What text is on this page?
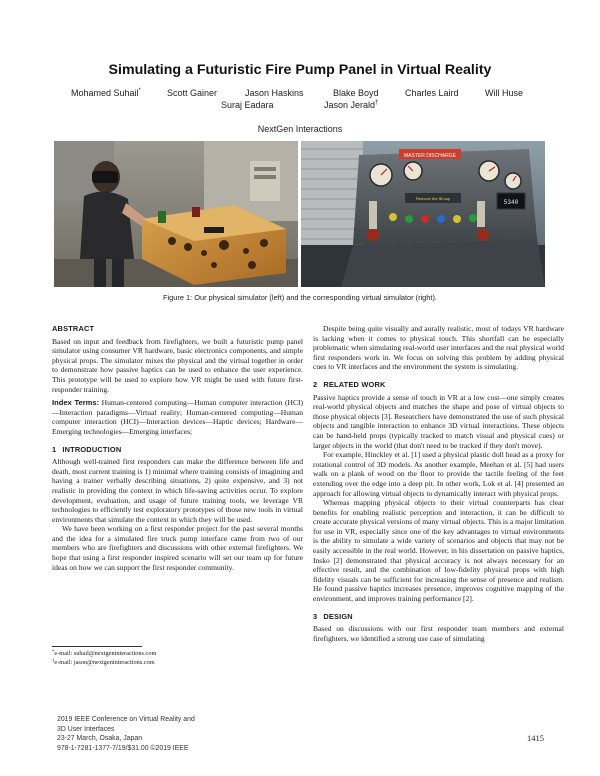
Simulating a Futuristic Fire Pump Panel in Virtual Reality
Mohamed Suhail*	Scott Gainer	Jason Haskins	Blake Boyd	Charles Laird	Will Huse
Suraj Eadara	Jason Jerald†
NextGen Interactions
MASTER DISCHARGE
5340
Remove the fill cap
Figure 1: Our physical simulator (left) and the corresponding virtual simulator (right).
ABSTRACT

Based on input and feedback from firefighters, we built a futuristic pump panel simulator using consumer VR hardware, basic electronics components, and simple physical props. The simulator mixes the physical and the virtual together in order to demonstrate how passive haptics can be used to enhance the user experience. This prototype will be used to explore how VR might be used with future first-responder training.

Index Terms: Human-centered computing—Human computer interaction (HCI)—Interaction paradigms—Virtual reality; Human-centered computing—Human computer interaction (HCI)—Interaction devices—Haptic devices; Hardware—Emerging technologies—Emerging interfaces;

1 INTRODUCTION

Although well-trained first responders can make the difference between life and death, most current training is 1) minimal where training consists of imagining and having a trainer verbally describing situations, 2) quite expensive, and 3) not realistic in providing the context in which life-saving activities occur. To explore development, evaluation, and usage of future training tools, we leverage VR technologies to efficiently test exploratory prototypes of those new tools in virtual environments that simulate the context in which they will be used.

We have been working on a first responder project for the past several months and the idea for a simulated fire truck pump interface came from two of our members who are firefighters and discussions with other external firefighters. We hope that using a first responder inspired scenario will set our team up for future ideas on how we can support the first responder community.

*e-mail: suhail@nextgeninteractions.com
†e-mail: jason@nextgeninteractions.com
2019 IEEE Conference on Virtual Reality and
3D User Interfaces
23-27 March, Osaka, Japan
978-1-7281-1377-7/19/$31.00 ©2019 IEEE

Despite being quite visually and aurally realistic, most of todays VR hardware is lacking when it comes to physical touch. This shortfall can be especially problematic when simulating real-world user interfaces and the real physical world first responders work in. We focus on solving this problem by adding physical cues to VR interfaces and the environment the system is simulating.

2 RELATED WORK

Passive haptics provide a sense of touch in VR at a low cost—one simply creates real-world physical objects and matches the shape and pose of virtual objects to those physical objects [3]. Researchers have demonstrated the use of such physical objects and tangible interaction to enhance 3D virtual interactions. These objects can be hand-held props (typically tracked to match visual and physical cues) or larger objects in the world (that don't need to be tracked if they don't move).

For example, Hinckley et al. [1] used a physical plastic doll head as a proxy for rotational control of 3D models. As another example, Meehan et al. [5] had users walk on a plank of wood on the floor to provide the tactile feeling of the feet extending over the edge into a deep pit. In other work, Lok et al. [4] presented an approach for allowing virtual objects to dynamically interact with physical props.

Whereas mapping physical objects to their virtual counterparts has clear benefits for enabling realistic perception and interaction, it can be difficult to create accurate physical versions of many virtual objects. This is a major limitation for use in VR, especially since one of the key advantages to virtual environments is the ability to simulate a wide variety of scenarios and objects that may not be easily accessible in the real world. However, in his dissertation on passive haptics, Insko [2] demonstrated that physical accuracy is not always necessary for an effective result, and the combination of low-fidelity physical props with high fidelity visuals can be sufficient for increasing the sense of presence and realism. He found passive haptics increases presence, improves cognitive mapping of the environment, and improves training performance [2].

3 DESIGN

Based on discussions with our first responder team members and external firefighters, we identified a strong use case of simulating

1415
